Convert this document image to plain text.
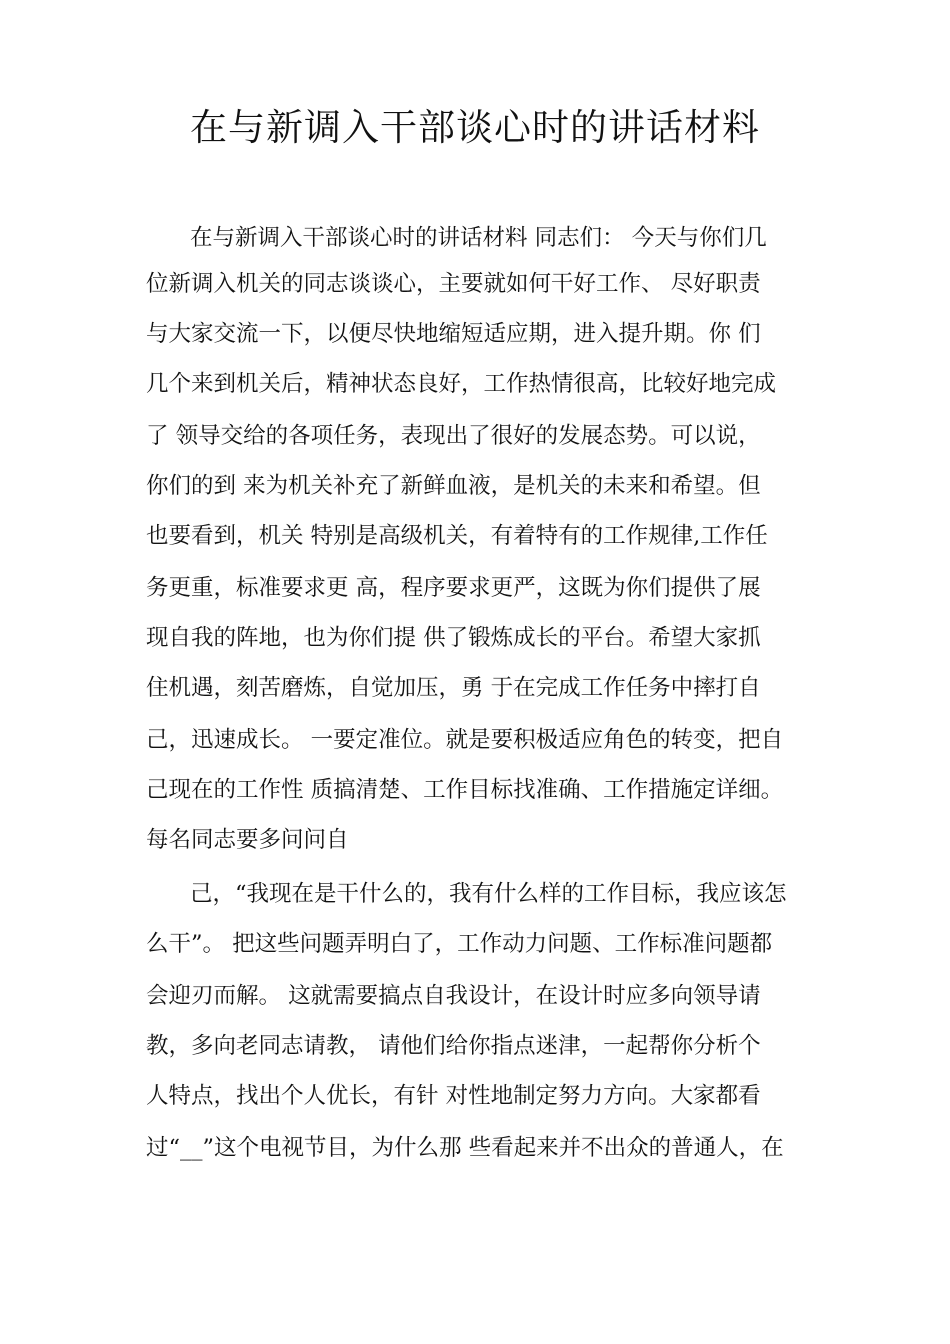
在与新调入干部谈心时的讲话材料
在与新调入干部谈心时的讲话材料 同志们： 今天与你们几
位新调入机关的同志谈谈心，主要就如何干好工作、 尽好职责
与大家交流一下，以便尽快地缩短适应期，进入提升期。你 们
几个来到机关后，精神状态良好，工作热情很高，比较好地完成
了 领导交给的各项任务，表现出了很好的发展态势。可以说，
你们的到 来为机关补充了新鲜血液，是机关的未来和希望。但
也要看到，机关 特别是高级机关，有着特有的工作规律,工作任
务更重，标准要求更 高，程序要求更严，这既为你们提供了展
现自我的阵地，也为你们提 供了锻炼成长的平台。希望大家抓
住机遇，刻苦磨炼，自觉加压，勇 于在完成工作任务中摔打自
己，迅速成长。 一要定准位。就是要积极适应角色的转变，把自
己现在的工作性 质搞清楚、工作目标找准确、工作措施定详细。
每名同志要多问问自
己，“我现在是干什么的，我有什么样的工作目标，我应该怎
么干”。 把这些问题弄明白了，工作动力问题、工作标准问题都
会迎刃而解。 这就需要搞点自我设计，在设计时应多向领导请
教，多向老同志请教， 请他们给你指点迷津，一起帮你分析个
人特点，找出个人优长，有针 对性地制定努力方向。大家都看
过“__”这个电视节目，为什么那 些看起来并不出众的普通人，在
